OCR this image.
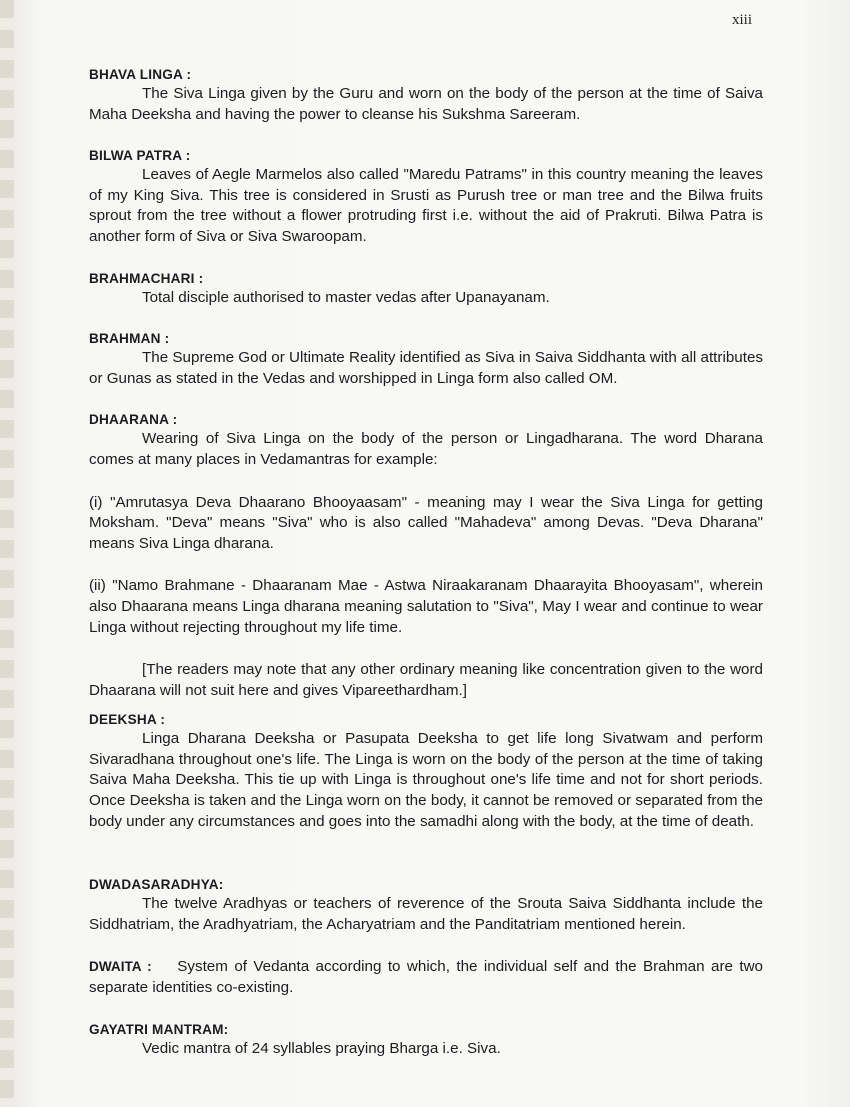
xiii

BHAVA LINGA :

The Siva Linga given by the Guru and worn on the body of the person at the time of Saiva Maha Deeksha and having the power to cleanse his Sukshma Sareeram.

BILWA PATRA :

Leaves of Aegle Marmelos also called "Maredu Patrams" in this country meaning the leaves of my King Siva. This tree is considered in Srusti as Purush tree or man tree and the Bilwa fruits sprout from the tree without a flower protruding first i.e. without the aid of Prakruti. Bilwa Patra is another form of Siva or Siva Swaroopam.

BRAHMACHARI :

Total disciple authorised to master vedas after Upanayanam.

BRAHMAN :

The Supreme God or Ultimate Reality identified as Siva in Saiva Siddhanta with all attributes or Gunas as stated in the Vedas and worshipped in Linga form also called OM.

DHAARANA :

Wearing of Siva Linga on the body of the person or Lingadharana. The word Dharana comes at many places in Vedamantras for example:

(i) "Amrutasya Deva Dhaarano Bhooyaasam" - meaning may I wear the Siva Linga for getting Moksham. "Deva" means "Siva" who is also called "Mahadeva" among Devas. "Deva Dharana" means Siva Linga dharana.

(ii) "Namo Brahmane - Dhaaranam Mae - Astwa Niraakaranam Dhaarayita Bhooyasam", wherein also Dhaarana means Linga dharana meaning salutation to "Siva", May I wear and continue to wear Linga without rejecting throughout my life time.

[The readers may note that any other ordinary meaning like concentration given to the word Dhaarana will not suit here and gives Vipareethardham.]

DEEKSHA :

Linga Dharana Deeksha or Pasupata Deeksha to get life long Sivatwam and perform Sivaradhana throughout one's life. The Linga is worn on the body of the person at the time of taking Saiva Maha Deeksha. This tie up with Linga is throughout one's life time and not for short periods. Once Deeksha is taken and the Linga worn on the body, it cannot be removed or separated from the body under any circumstances and goes into the samadhi along with the body, at the time of death.

DWADASARADHYA:

The twelve Aradhyas or teachers of reverence of the Srouta Saiva Siddhanta include the Siddhatriam, the Aradhyatriam, the Acharyatriam and the Panditatriam mentioned herein.

DWAITA : System of Vedanta according to which, the individual self and the Brahman are two separate identities co-existing.

GAYATRI MANTRAM:

Vedic mantra of 24 syllables praying Bharga i.e. Siva.
